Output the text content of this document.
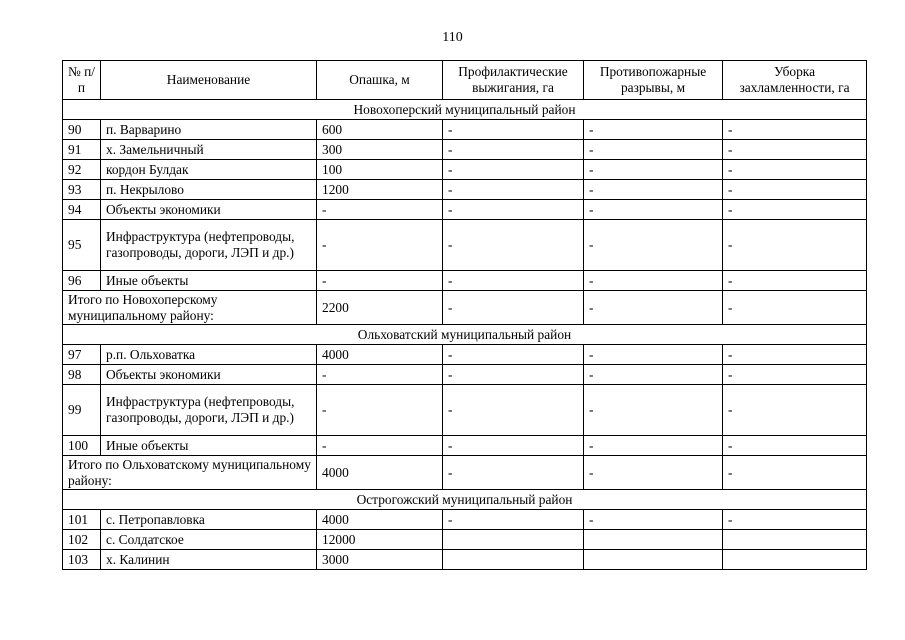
110
№ п/п	Наименование	Опашка, м	Профилактические выжигания, га	Противопожарные разрывы, м	Уборка захламленности, га
Новохоперский муниципальный район					
90	п. Варварино	600	-	-	-
91	х. Замельничный	300	-	-	-
92	кордон Булдак	100	-	-	-
93	п. Некрылово	1200	-	-	-
94	Объекты экономики	-	-	-	-
95	Инфраструктура (нефтепроводы, газопроводы, дороги, ЛЭП и др.)	-	-	-	-
96	Иные объекты	-	-	-	-
Итого по Новохоперскому муниципальному району:		2200	-	-	-
Ольховатский муниципальный район					
97	р.п. Ольховатка	4000	-	-	-
98	Объекты экономики	-	-	-	-
99	Инфраструктура (нефтепроводы, газопроводы, дороги, ЛЭП и др.)	-	-	-	-
100	Иные объекты	-	-	-	-
Итого по Ольховатскому муниципальному району:		4000	-	-	-
Острогожский муниципальный район					
101	с. Петропавловка	4000	-	-	-
102	с. Солдатское	12000			
103	х. Калинин	3000			
